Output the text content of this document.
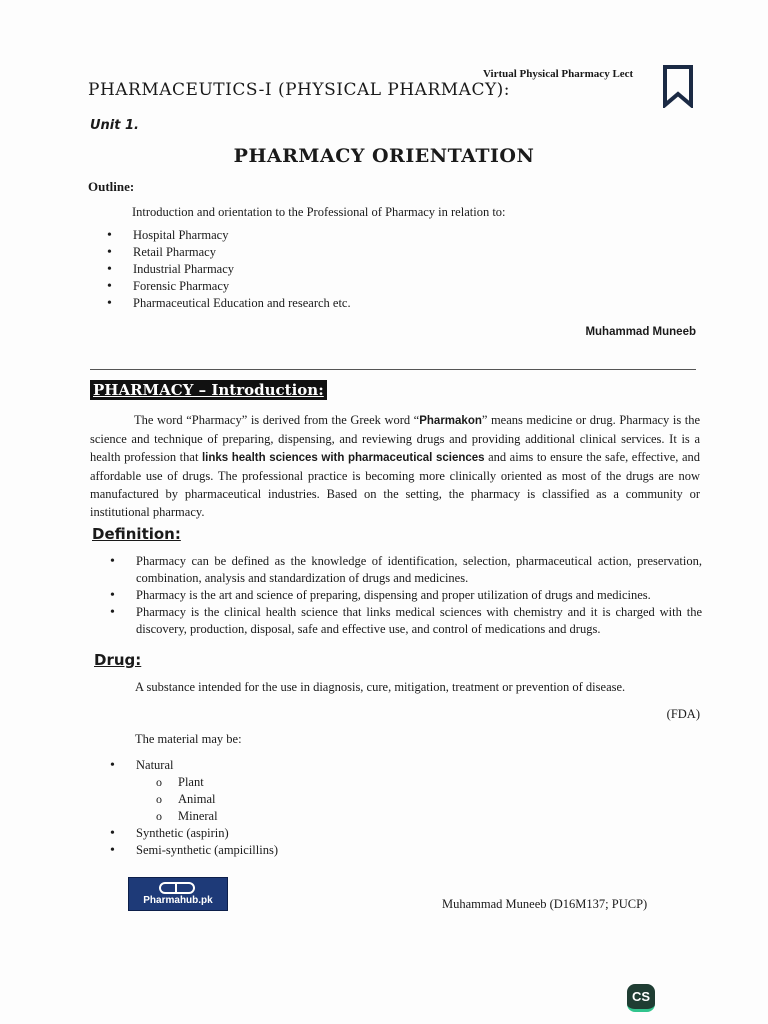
Virtual Physical Pharmacy Lect
PHARMACEUTICS-I (PHYSICAL PHARMACY):
Unit 1.
PHARMACY ORIENTATION
Outline:
Introduction and orientation to the Professional of Pharmacy in relation to:
• Hospital Pharmacy
• Retail Pharmacy
• Industrial Pharmacy
• Forensic Pharmacy
• Pharmaceutical Education and research etc.
Muhammad Muneeb
PHARMACY – Introduction:
The word “Pharmacy” is derived from the Greek word “Pharmakon” means medicine or drug. Pharmacy is the science and technique of preparing, dispensing, and reviewing drugs and providing additional clinical services. It is a health profession that links health sciences with pharmaceutical sciences and aims to ensure the safe, effective, and affordable use of drugs. The professional practice is becoming more clinically oriented as most of the drugs are now manufactured by pharmaceutical industries. Based on the setting, the pharmacy is classified as a community or institutional pharmacy.
Definition:
• Pharmacy can be defined as the knowledge of identification, selection, pharmaceutical action, preservation, combination, analysis and standardization of drugs and medicines.
• Pharmacy is the art and science of preparing, dispensing and proper utilization of drugs and medicines.
• Pharmacy is the clinical health science that links medical sciences with chemistry and it is charged with the discovery, production, disposal, safe and effective use, and control of medications and drugs.
Drug:
A substance intended for the use in diagnosis, cure, mitigation, treatment or prevention of disease.
(FDA)
The material may be:
• Natural
o Plant
o Animal
o Mineral
• Synthetic (aspirin)
• Semi-synthetic (ampicillins)
Pharmahub.pk	Muhammad Muneeb (D16M137; PUCP)
CS
